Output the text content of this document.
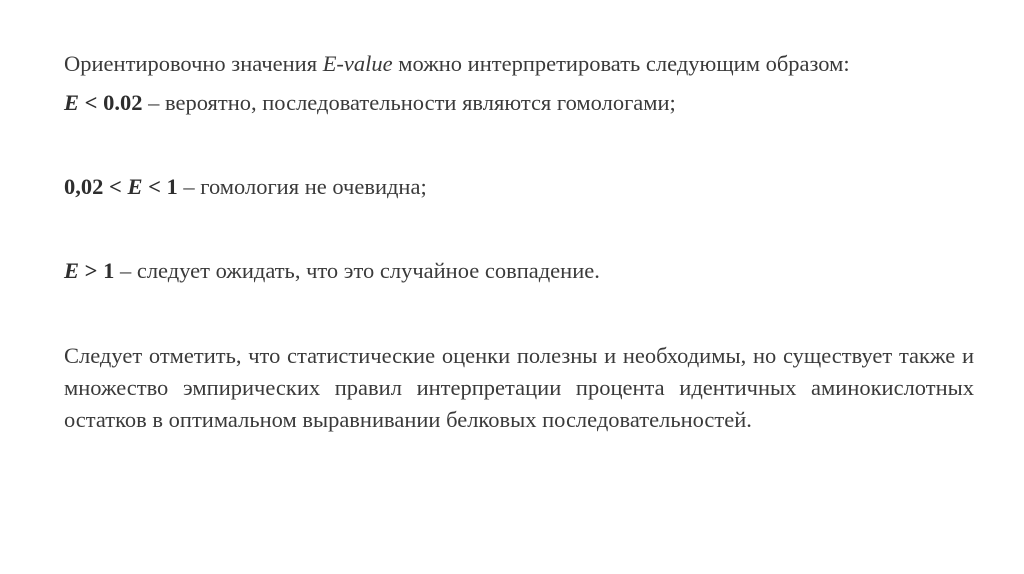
Ориентировочно значения E-value можно интерпретировать следующим образом:
E < 0.02 – вероятно, последовательности являются гомологами;
0,02 < E < 1 – гомология не очевидна;
E > 1 – следует ожидать, что это случайное совпадение.
Следует отметить, что статистические оценки полезны и необходимы, но существует также и множество эмпирических правил интерпретации процента идентичных аминокислотных остатков в оптимальном выравнивании белковых последовательностей.
